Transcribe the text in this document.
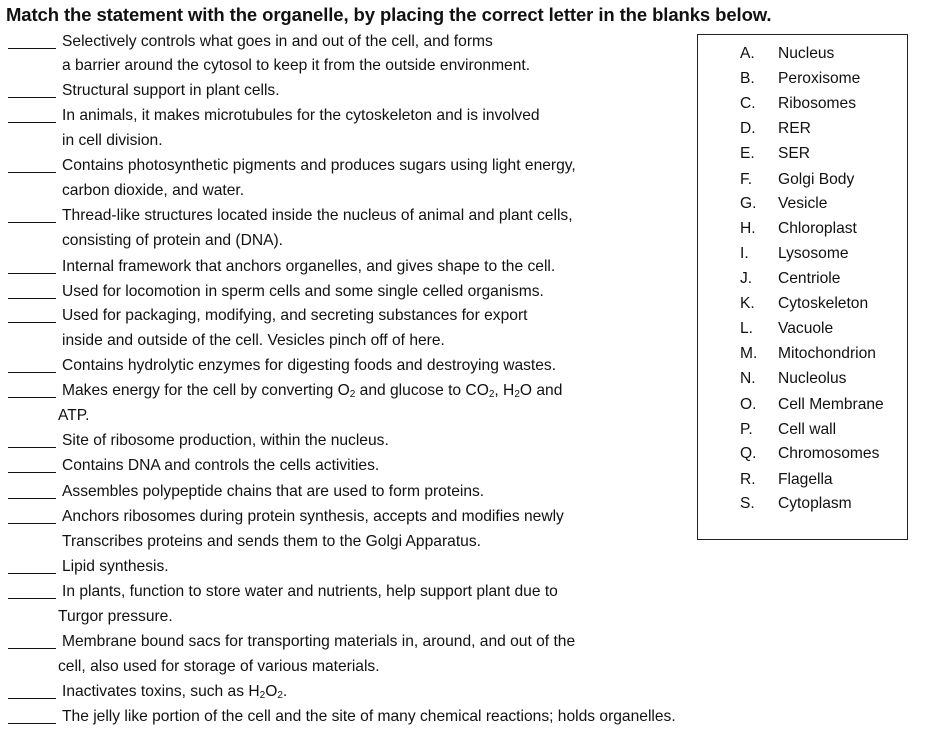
Match the statement with the organelle, by placing the correct letter in the blanks below.
Selectively controls what goes in and out of the cell, and forms
a barrier around the cytosol to keep it from the outside environment.
Structural support in plant cells.
In animals, it makes microtubules for the cytoskeleton and is involved
in cell division.
Contains photosynthetic pigments and produces sugars using light energy,
carbon dioxide, and water.
Thread-like structures located inside the nucleus of animal and plant cells,
consisting of protein and (DNA).
Internal framework that anchors organelles, and gives shape to the cell.
Used for locomotion in sperm cells and some single celled organisms.
Used for packaging, modifying, and secreting substances for export
inside and outside of the cell. Vesicles pinch off of here.
Contains hydrolytic enzymes for digesting foods and destroying wastes.
Makes energy for the cell by converting $O_2$ and glucose to $CO_2$, $H_2O$ and
ATP.
Site of ribosome production, within the nucleus.
Contains DNA and controls the cells activities.
Assembles polypeptide chains that are used to form proteins.
Anchors ribosomes during protein synthesis, accepts and modifies newly
Transcribes proteins and sends them to the Golgi Apparatus.
Lipid synthesis.
In plants, function to store water and nutrients, help support plant due to
Turgor pressure.
Membrane bound sacs for transporting materials in, around, and out of the
cell, also used for storage of various materials.
Inactivates toxins, such as $H_2O_2$.
The jelly like portion of the cell and the site of many chemical reactions; holds organelles.
A.	Nucleus
B.	Peroxisome
C.	Ribosomes
D.	RER
E.	SER
F.	Golgi Body
G.	Vesicle
H.	Chloroplast
I.	Lysosome
J.	Centriole
K.	Cytoskeleton
L.	Vacuole
M.	Mitochondrion
N.	Nucleolus
O.	Cell Membrane
P.	Cell wall
Q.	Chromosomes
R.	Flagella
S.	Cytoplasm
